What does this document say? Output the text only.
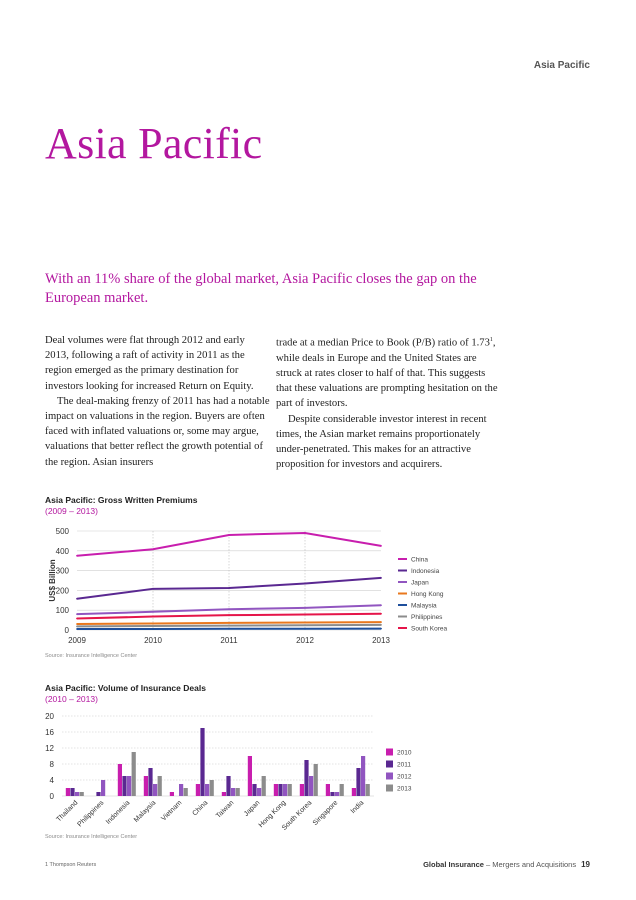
Asia Pacific
Asia Pacific

With an 11% share of the global market, Asia Pacific closes the gap on the European market.

Deal volumes were flat through 2012 and early 2013, following a raft of activity in 2011 as the region emerged as the primary destination for investors looking for increased Return on Equity.

The deal-making frenzy of 2011 has had a notable impact on valuations in the region. Buyers are often faced with inflated valuations or, some may argue, valuations that better reflect the growth potential of the region. Asian insurers

trade at a median Price to Book (P/B) ratio of 1.73$^1$, while deals in Europe and the United States are struck at rates closer to half of that. This suggests that these valuations are prompting hesitation on the part of investors.

Despite considerable investor interest in recent times, the Asian market remains proportionately under-penetrated. This makes for an attractive proposition for investors and acquirers.

Asia Pacific: Gross Written Premiums
(2009 – 2013)
0
100
200
300
400
500
2009	2010	2011	2012	2013
US$ Billion	China
Indonesia
Japan
Hong Kong
Malaysia
Philippines
South Korea
Source: Insurance Intelligence Center
Asia Pacific: Volume of Insurance Deals
(2010 – 2013)
0
4
8
12
16
20
Thailand
Philippines Indonesia Malaysia Vietnam China Taiwan Japan
Hong Kong
South Korea
Singapore India
2010
2011
2012
2013
Source: Insurance Intelligence Center
1 Thompson Reuters	Global Insurance – Mergers and Acquisitions 19
